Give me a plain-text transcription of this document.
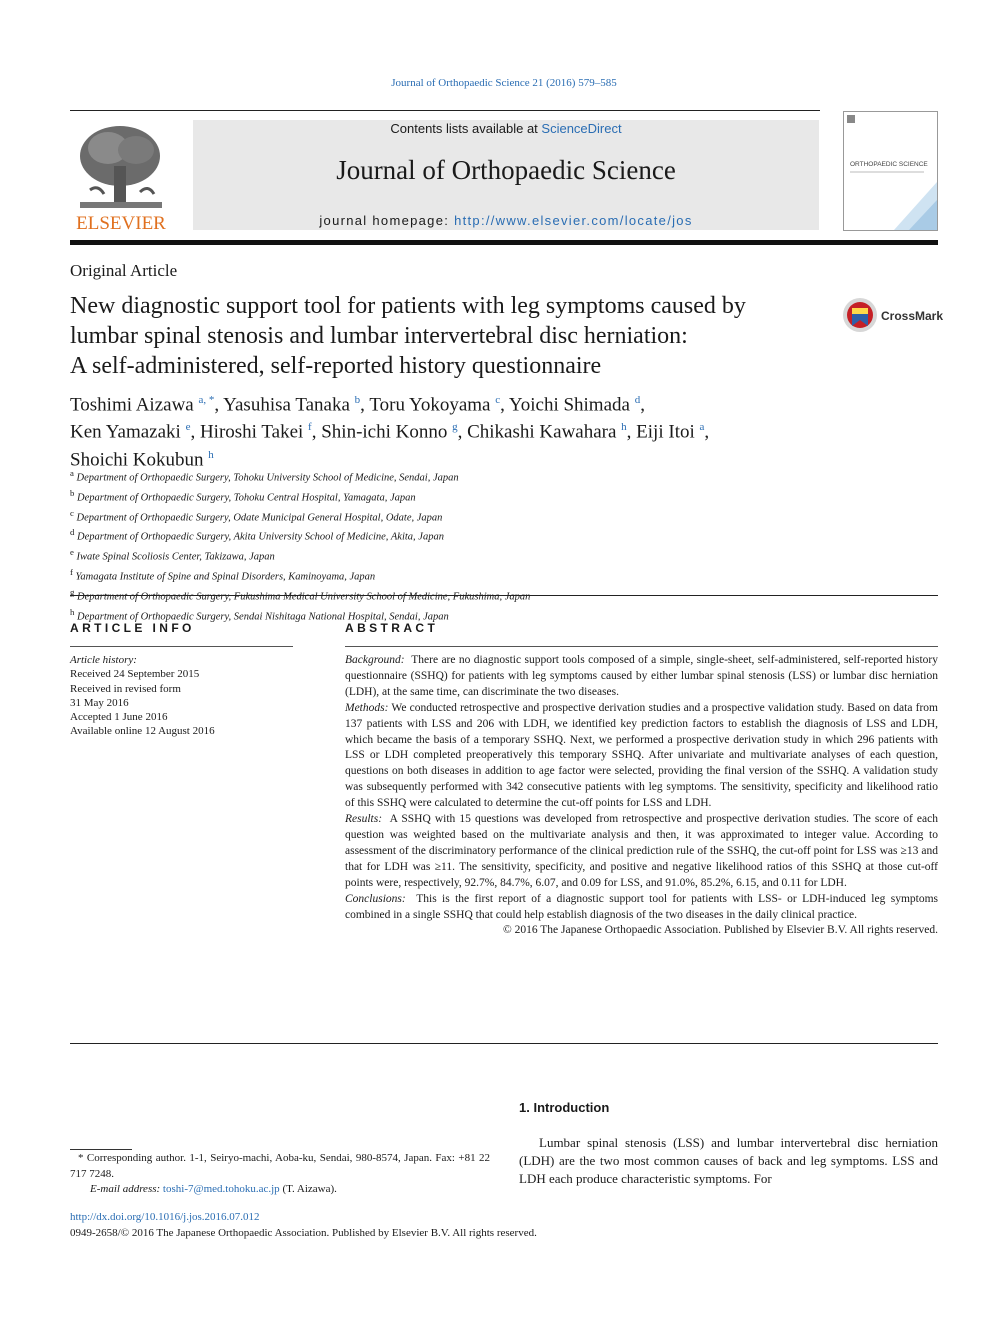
Journal of Orthopaedic Science 21 (2016) 579–585
ELSEVIER
Contents lists available at ScienceDirect
Journal of Orthopaedic Science
journal homepage: http://www.elsevier.com/locate/jos
ORTHOPAEDIC SCIENCE
Original Article
New diagnostic support tool for patients with leg symptoms caused by
lumbar spinal stenosis and lumbar intervertebral disc herniation:
A self-administered, self-reported history questionnaire
CrossMark
Toshimi Aizawa $^{a, *}$, Yasuhisa Tanaka $^b$, Toru Yokoyama $^c$, Yoichi Shimada $^d$,
Ken Yamazaki $^e$, Hiroshi Takei $^f$, Shin-ichi Konno $^g$, Chikashi Kawahara $^h$, Eiji Itoi $^a$,
Shoichi Kokubun $^h$
$^a$ Department of Orthopaedic Surgery, Tohoku University School of Medicine, Sendai, Japan
$^b$ Department of Orthopaedic Surgery, Tohoku Central Hospital, Yamagata, Japan
$^c$ Department of Orthopaedic Surgery, Odate Municipal General Hospital, Odate, Japan
$^d$ Department of Orthopaedic Surgery, Akita University School of Medicine, Akita, Japan
$^e$ Iwate Spinal Scoliosis Center, Takizawa, Japan
$^f$ Yamagata Institute of Spine and Spinal Disorders, Kaminoyama, Japan
$^g$ Department of Orthopaedic Surgery, Fukushima Medical University School of Medicine, Fukushima, Japan
$^h$ Department of Orthopaedic Surgery, Sendai Nishitaga National Hospital, Sendai, Japan
ARTICLE INFO
Article history:
Received 24 September 2015
Received in revised form
31 May 2016
Accepted 1 June 2016
Available online 12 August 2016
ABSTRACT

Background: There are no diagnostic support tools composed of a simple, single-sheet, self-administered, self-reported history questionnaire (SSHQ) for patients with leg symptoms caused by either lumbar spinal stenosis (LSS) or lumbar disc herniation (LDH), at the same time, can discriminate the two diseases.

Methods: We conducted retrospective and prospective derivation studies and a prospective validation study. Based on data from 137 patients with LSS and 206 with LDH, we identified key prediction factors to establish the diagnosis of LSS and LDH, which became the basis of a temporary SSHQ. Next, we performed a prospective derivation study in which 296 patients with LSS or LDH completed preoperatively this temporary SSHQ. After univariate and multivariate analyses of each question, questions on both diseases in addition to age factor were selected, providing the final version of the SSHQ. A validation study was subsequently performed with 342 consecutive patients with leg symptoms. The sensitivity, specificity and likelihood ratio of this SSHQ were calculated to determine the cut-off points for LSS and LDH.

Results: A SSHQ with 15 questions was developed from retrospective and prospective derivation studies. The score of each question was weighted based on the multivariate analysis and then, it was approximated to integer value. According to assessment of the discriminatory performance of the clinical prediction rule of the SSHQ, the cut-off point for LSS was ≥13 and that for LDH was ≥11. The sensitivity, specificity, and positive and negative likelihood ratios of this SSHQ at those cut-off points were, respectively, 92.7%, 84.7%, 6.07, and 0.09 for LSS, and 91.0%, 85.2%, 6.15, and 0.11 for LDH.

Conclusions: This is the first report of a diagnostic support tool for patients with LSS- or LDH-induced leg symptoms combined in a single SSHQ that could help establish diagnosis of the two diseases in the daily clinical practice.

© 2016 The Japanese Orthopaedic Association. Published by Elsevier B.V. All rights reserved.

1. Introduction
Lumbar spinal stenosis (LSS) and lumbar intervertebral disc herniation (LDH) are the two most common causes of back and leg symptoms. LSS and LDH each produce characteristic symptoms. For
* Corresponding author. 1-1, Seiryo-machi, Aoba-ku, Sendai, 980-8574, Japan. Fax: +81 22 717 7248.
E-mail address: toshi-7@med.tohoku.ac.jp (T. Aizawa).
http://dx.doi.org/10.1016/j.jos.2016.07.012
0949-2658/© 2016 The Japanese Orthopaedic Association. Published by Elsevier B.V. All rights reserved.
